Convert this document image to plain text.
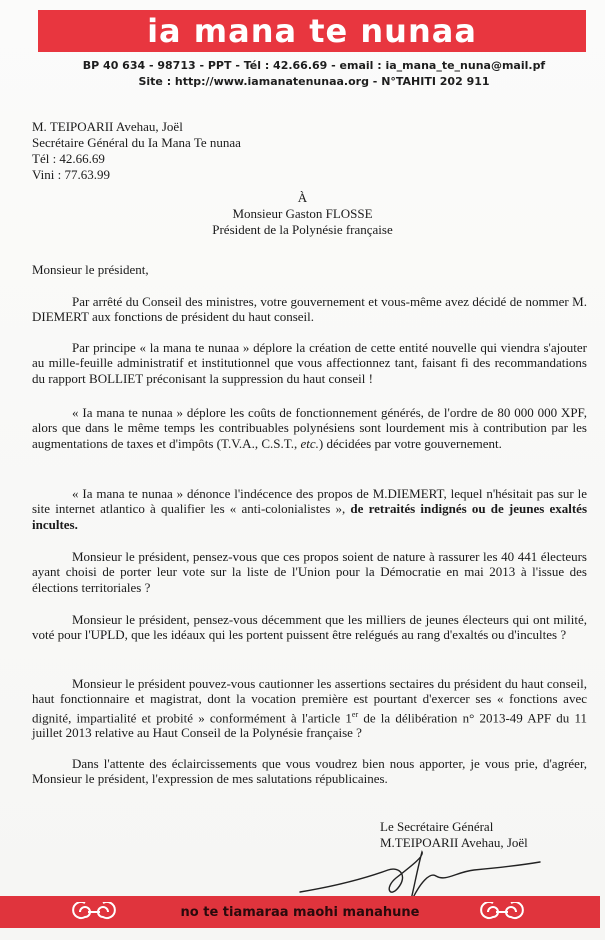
ia mana te nunaa
BP 40 634 - 98713 - PPT - Tél : 42.66.69 - email : ia_mana_te_nuna@mail.pf
Site : http://www.iamanatenunaa.org - N°TAHITI 202 911
M. TEIPOARII Avehau, Joël
Secrétaire Général du Ia Mana Te nunaa
Tél : 42.66.69
Vini : 77.63.99
À
Monsieur Gaston FLOSSE
Président de la Polynésie française
Monsieur le président,

Par arrêté du Conseil des ministres, votre gouvernement et vous-même avez décidé de nommer M. DIEMERT aux fonctions de président du haut conseil.

Par principe « la mana te nunaa » déplore la création de cette entité nouvelle qui viendra s'ajouter au mille-feuille administratif et institutionnel que vous affectionnez tant, faisant fi des recommandations du rapport BOLLIET préconisant la suppression du haut conseil !

« Ia mana te nunaa » déplore les coûts de fonctionnement générés, de l'ordre de 80 000 000 XPF, alors que dans le même temps les contribuables polynésiens sont lourdement mis à contribution par les augmentations de taxes et d'impôts (T.V.A., C.S.T., etc.) décidées par votre gouvernement.

« Ia mana te nunaa » dénonce l'indécence des propos de M.DIEMERT, lequel n'hésitait pas sur le site internet atlantico à qualifier les « anti-colonialistes », de retraités indignés ou de jeunes exaltés incultes.

Monsieur le président, pensez-vous que ces propos soient de nature à rassurer les 40 441 électeurs ayant choisi de porter leur vote sur la liste de l'Union pour la Démocratie en mai 2013 à l'issue des élections territoriales ?

Monsieur le président, pensez-vous décemment que les milliers de jeunes électeurs qui ont milité, voté pour l'UPLD, que les idéaux qui les portent puissent être relégués au rang d'exaltés ou d'incultes ?

Monsieur le président pouvez-vous cautionner les assertions sectaires du président du haut conseil, haut fonctionnaire et magistrat, dont la vocation première est pourtant d'exercer ses « fonctions avec dignité, impartialité et probité » conformément à l'article 1er de la délibération n° 2013-49 APF du 11 juillet 2013 relative au Haut Conseil de la Polynésie française ?

Dans l'attente des éclaircissements que vous voudrez bien nous apporter, je vous prie, d'agréer, Monsieur le président, l'expression de mes salutations républicaines.

Le Secrétaire Général
M.TEIPOARII Avehau, Joël
no te tiamaraa maohi manahune
